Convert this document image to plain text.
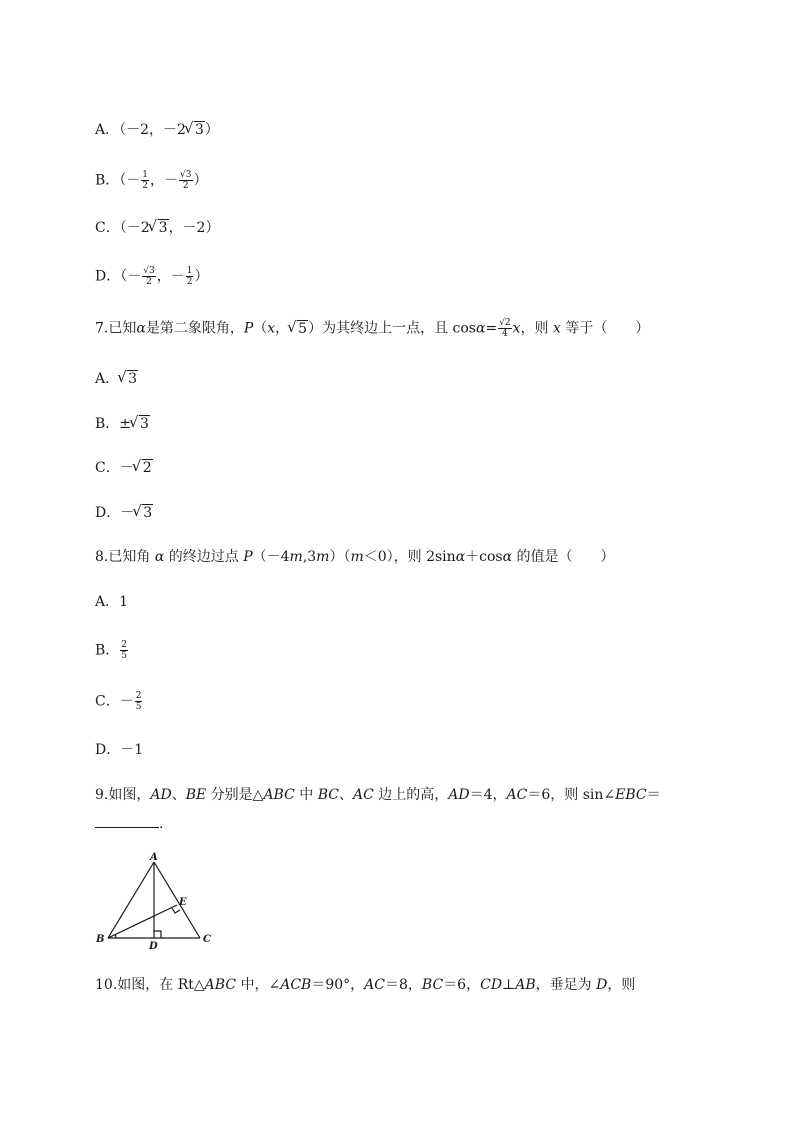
A．（－2，－2 √ 3）
B．（－ $\frac{1}{2}$ ，－ $\frac{√3}{2}$ ）
C．（－2 √ 3，－2）
D．（－ $\frac{√3}{2}$ ，－ $\frac{1}{2}$ ）
7.已知α是第二象限角，P（x， √ 5）为其终边上一点，且 $\cos\alpha= \frac{√2}{4}$ x，则 x 等于（　　）
A． √ 3
B．± √ 3
C．－ √ 2
D．－ √ 3
8.已知角 α 的终边过点 P（－4m,3m）（m＜0），则 2sinα＋cosα 的值是（　　）
A．1
B． $\frac{2}{5}$
C．－ $\frac{2}{5}$
D．－1
9.如图，AD、BE 分别是△ABC 中 BC、AC 边上的高，AD＝4，AC＝6，则 sin∠EBC＝
.
A
B	C
D
E
10.如图，在 Rt△ABC 中，∠ACB＝90°，AC＝8，BC＝6，CD⊥AB，垂足为 D，则
